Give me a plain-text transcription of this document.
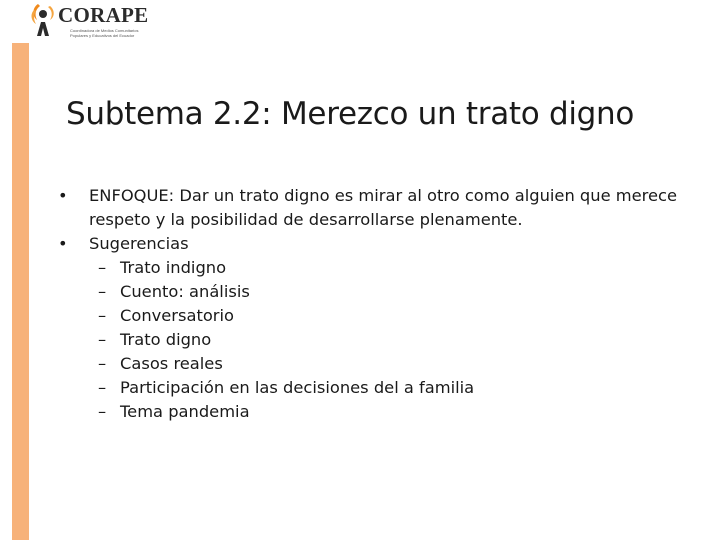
CORAPE
Coordinadora de Medios Comunitarios
Populares y Educativos del Ecuador
Subtema 2.2: Merezco un trato digno
• ENFOQUE: Dar un trato digno es mirar al otro como alguien que merece respeto y la posibilidad de desarrollarse plenamente.
• Sugerencias
– Trato indigno
– Cuento: análisis
– Conversatorio
– Trato digno
– Casos reales
– Participación en las decisiones del a familia
– Tema pandemia
